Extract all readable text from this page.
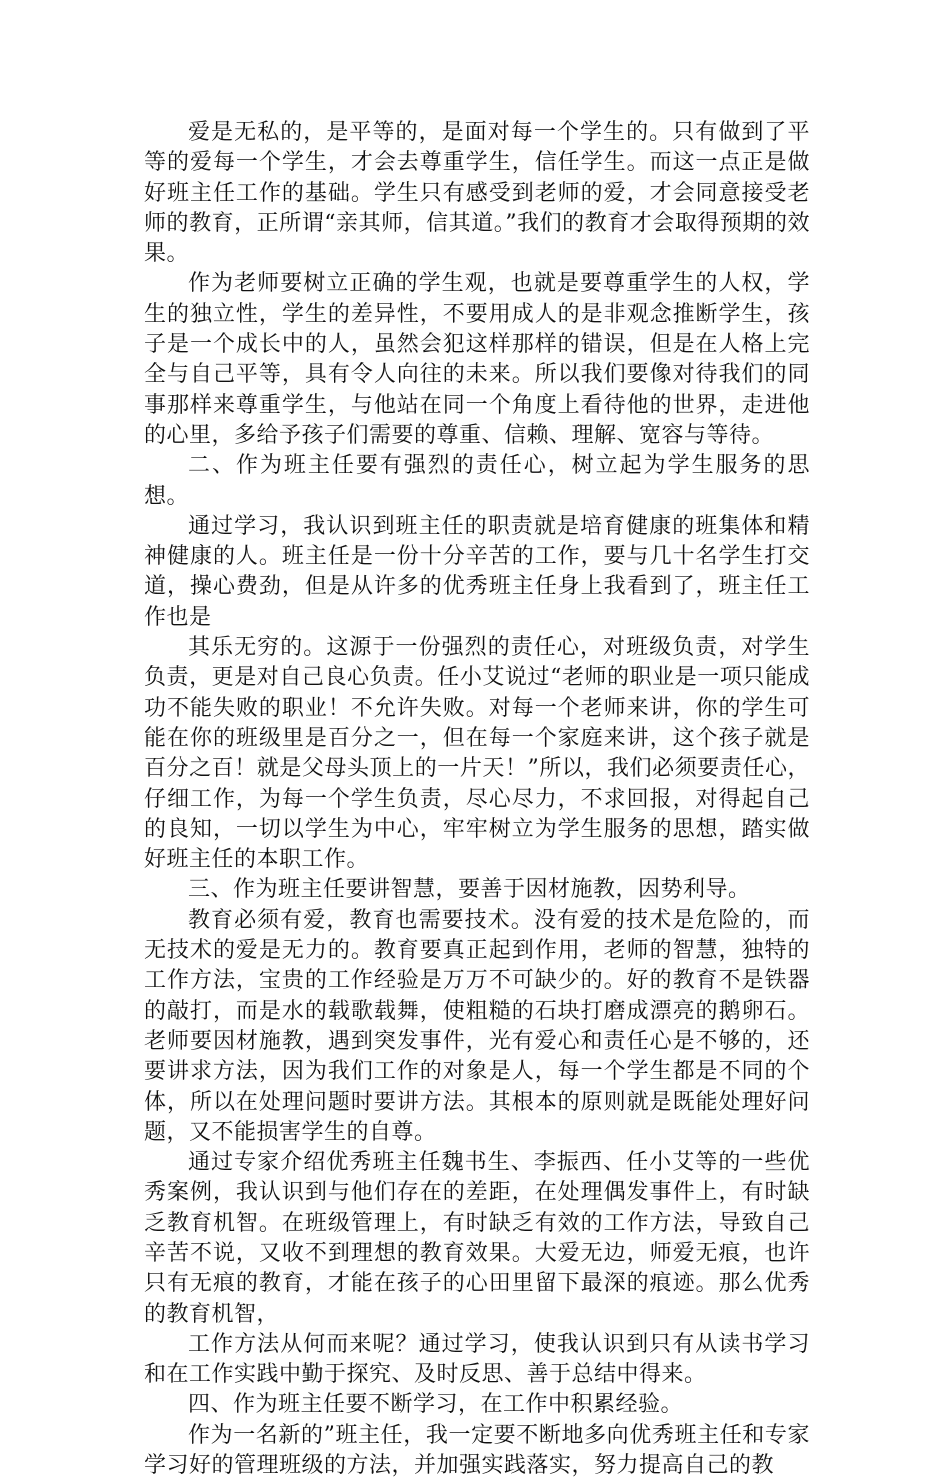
爱是无私的，是平等的，是面对每一个学生的。只有做到了平等的爱每一个学生，才会去尊重学生，信任学生。而这一点正是做好班主任工作的基础。学生只有感受到老师的爱，才会同意接受老师的教育，正所谓“亲其师，信其道。”我们的教育才会取得预期的效果。

作为老师要树立正确的学生观，也就是要尊重学生的人权，学生的独立性，学生的差异性，不要用成人的是非观念推断学生，孩子是一个成长中的人，虽然会犯这样那样的错误，但是在人格上完全与自己平等，具有令人向往的未来。所以我们要像对待我们的同事那样来尊重学生，与他站在同一个角度上看待他的世界，走进他的心里，多给予孩子们需要的尊重、信赖、理解、宽容与等待。

二、作为班主任要有强烈的责任心，树立起为学生服务的思想。

通过学习，我认识到班主任的职责就是培育健康的班集体和精神健康的人。班主任是一份十分辛苦的工作，要与几十名学生打交道，操心费劲，但是从许多的优秀班主任身上我看到了，班主任工作也是

其乐无穷的。这源于一份强烈的责任心，对班级负责，对学生负责，更是对自己良心负责。任小艾说过“老师的职业是一项只能成功不能失败的职业！不允许失败。对每一个老师来讲，你的学生可能在你的班级里是百分之一，但在每一个家庭来讲，这个孩子就是百分之百！就是父母头顶上的一片天！”所以，我们必须要责任心，仔细工作，为每一个学生负责，尽心尽力，不求回报，对得起自己的良知，一切以学生为中心，牢牢树立为学生服务的思想，踏实做好班主任的本职工作。

三、作为班主任要讲智慧，要善于因材施教，因势利导。

教育必须有爱，教育也需要技术。没有爱的技术是危险的，而无技术的爱是无力的。教育要真正起到作用，老师的智慧，独特的工作方法，宝贵的工作经验是万万不可缺少的。好的教育不是铁器的敲打，而是水的载歌载舞，使粗糙的石块打磨成漂亮的鹅卵石。老师要因材施教，遇到突发事件，光有爱心和责任心是不够的，还要讲求方法，因为我们工作的对象是人，每一个学生都是不同的个体，所以在处理问题时要讲方法。其根本的原则就是既能处理好问题，又不能损害学生的自尊。

通过专家介绍优秀班主任魏书生、李振西、任小艾等的一些优秀案例，我认识到与他们存在的差距，在处理偶发事件上，有时缺乏教育机智。在班级管理上，有时缺乏有效的工作方法，导致自己辛苦不说，又收不到理想的教育效果。大爱无边，师爱无痕，也许只有无痕的教育，才能在孩子的心田里留下最深的痕迹。那么优秀的教育机智，

工作方法从何而来呢？通过学习，使我认识到只有从读书学习和在工作实践中勤于探究、及时反思、善于总结中得来。

四、作为班主任要不断学习，在工作中积累经验。

作为一名新的”班主任，我一定要不断地多向优秀班主任和专家学习好的管理班级的方法，并加强实践落实，努力提高自己的教
